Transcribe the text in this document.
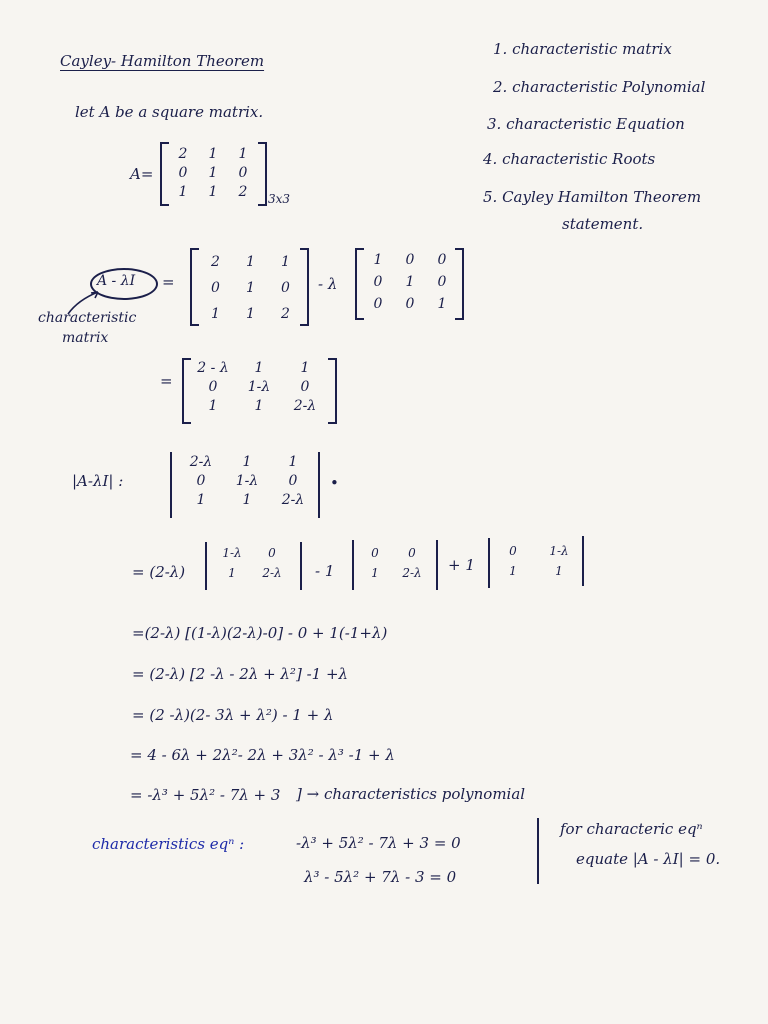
Cayley- Hamilton Theorem
let A be a square matrix.
1. characteristic matrix
2. characteristic Polynomial
3. characteristic Equation
4. characteristic Roots
5. Cayley Hamilton Theorem
statement.
A=
2	1	1
0	1	0
1	1	2	3x3
A - λI =
characteristic
matrix
2	1	1
0	1	0
1	1	2
- λ
1	0	0
0	1	0
0	0	1
=
2 - λ	1	1
0	1-λ	0
1	1	2-λ
|A-λI| :
2-λ	1	1
0	1-λ	0
1	1	2-λ
•
= (2-λ)
1-λ	0
1	2-λ	- 1
0	0
1	2-λ	+ 1
0	1-λ
1	1
=(2-λ) [(1-λ)(2-λ)-0] - 0 + 1(-1+λ)
= (2-λ) [2 -λ - 2λ + λ²] -1 +λ
= (2 -λ)(2- 3λ + λ²) - 1 + λ
= 4 - 6λ + 2λ²- 2λ + 3λ² - λ³ -1 + λ
= -λ³ + 5λ² - 7λ + 3 ] → characteristics polynomial
characteristics eqⁿ :	-λ³ + 5λ² - 7λ + 3 = 0
λ³ - 5λ² + 7λ - 3 = 0
for characteric eqⁿ
equate |A - λI| = 0.
